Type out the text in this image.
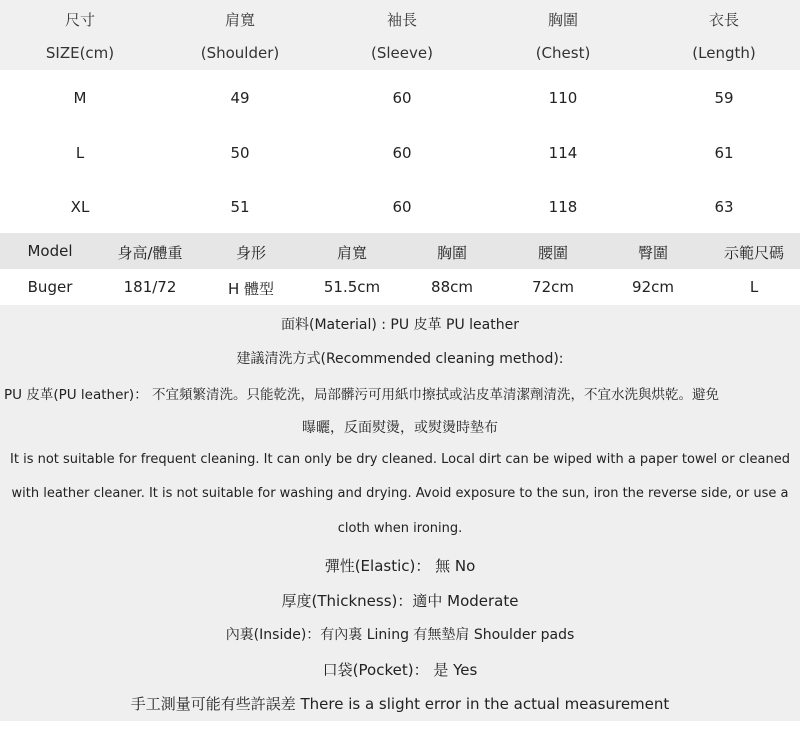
尺寸	肩寬	袖長	胸圍	衣長
SIZE(cm)	(Shoulder)	(Sleeve)	(Chest)	(Length)
M	49	60	110	59
L	50	60	114	61
XL	51	60	118	63
Model	身高/體重	身形	肩寬	胸圍	腰圍	臀圍	示範尺碼
Buger	181/72	H 體型	51.5cm	88cm	72cm	92cm	L
面料(Material) : PU 皮革 PU leather
建議清洗方式(Recommended cleaning method):
PU 皮革(PU leather)： 不宜頻繁清洗。只能乾洗，局部髒污可用紙巾擦拭或沾皮革清潔劑清洗，不宜水洗與烘乾。避免
曝曬，反面熨燙，或熨燙時墊布
It is not suitable for frequent cleaning. It can only be dry cleaned. Local dirt can be wiped with a paper towel or cleaned
with leather cleaner. It is not suitable for washing and drying. Avoid exposure to the sun, iron the reverse side, or use a
cloth when ironing.
彈性(Elastic)： 無 No
厚度(Thickness)：適中 Moderate
內裏(Inside)：有內裏 Lining 有無墊肩 Shoulder pads
口袋(Pocket)： 是 Yes
手工測量可能有些許誤差 There is a slight error in the actual measurement
